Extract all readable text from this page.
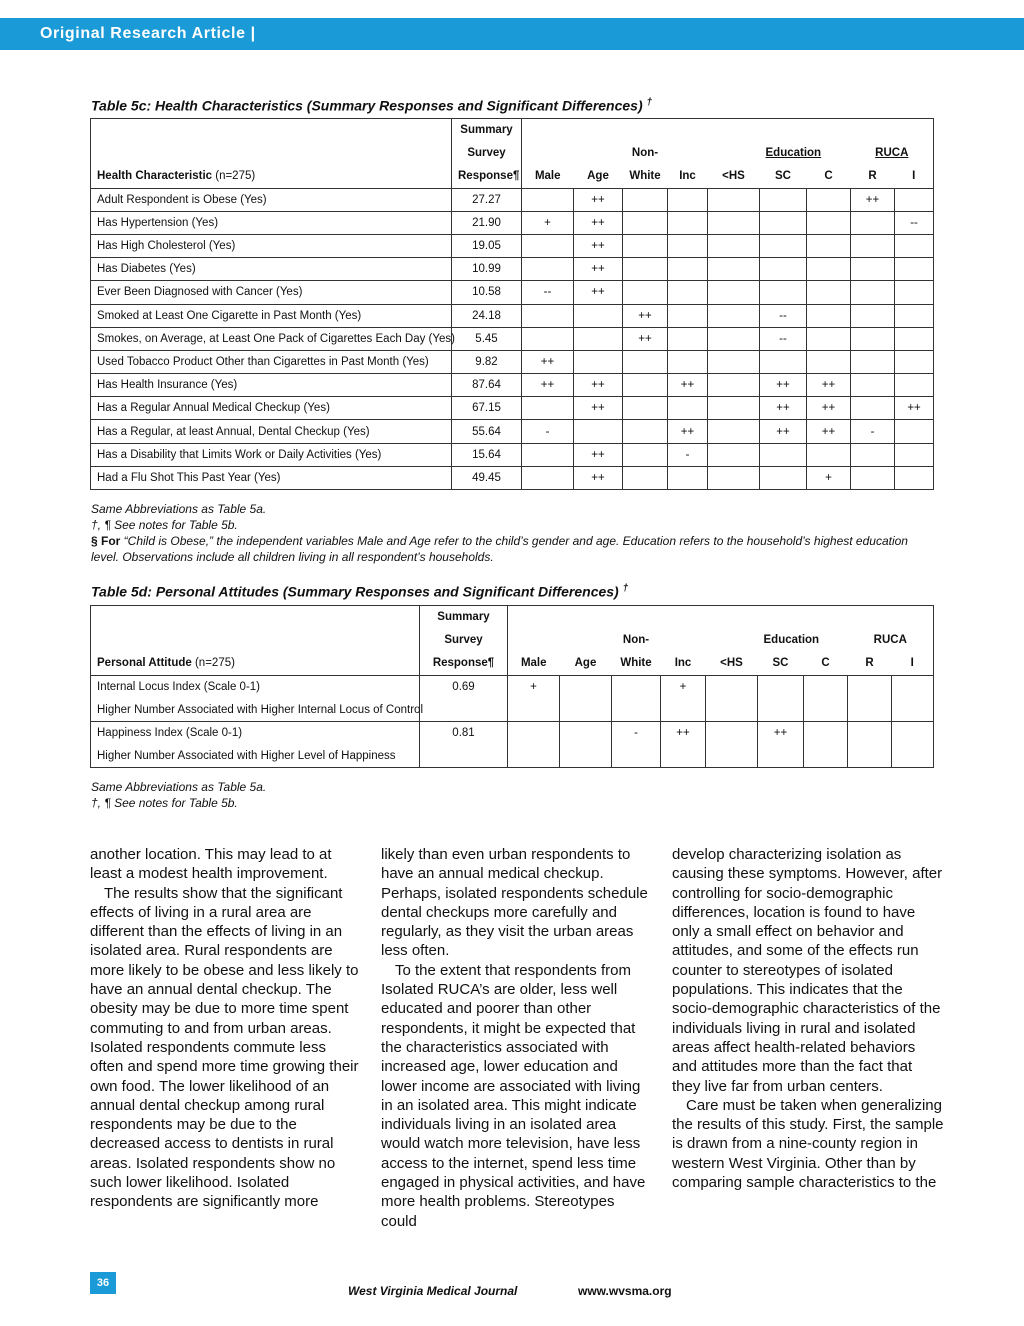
Original Research Article |
Table 5c: Health Characteristics (Summary Responses and Significant Differences) †
	Summary									
	Survey			Non-			Education		RUCA	
Health Characteristic (n=275)	Response¶	Male	Age	White	Inc	<HS	SC	C	R	I
Adult Respondent is Obese (Yes)	27.27		++						++	
Has Hypertension (Yes)	21.90	+	++							--
Has High Cholesterol (Yes)	19.05		++							
Has Diabetes (Yes)	10.99		++							
Ever Been Diagnosed with Cancer (Yes)	10.58	--	++							
Smoked at Least One Cigarette in Past Month (Yes)	24.18			++			--			
Smokes, on Average, at Least One Pack of Cigarettes Each Day (Yes)	5.45			++			--			
Used Tobacco Product Other than Cigarettes in Past Month (Yes)	9.82	++								
Has Health Insurance (Yes)	87.64	++	++		++		++	++		
Has a Regular Annual Medical Checkup (Yes)	67.15		++				++	++		++
Has a Regular, at least Annual, Dental Checkup (Yes)	55.64	-			++		++	++	-	
Has a Disability that Limits Work or Daily Activities (Yes)	15.64		++		-					
Had a Flu Shot This Past Year (Yes)	49.45		++					+		
Same Abbreviations as Table 5a.
†, ¶ See notes for Table 5b.
§ For “Child is Obese,” the independent variables Male and Age refer to the child’s gender and age. Education refers to the household’s highest education level. Observations include all children living in all respondent’s households.
Table 5d: Personal Attitudes (Summary Responses and Significant Differences) †
	Summary									
	Survey			Non-			Education		RUCA	
Personal Attitude (n=275)	Response¶	Male	Age	White	Inc	<HS	SC	C	R	I
Internal Locus Index (Scale 0-1)	0.69	+			+					
Higher Number Associated with Higher Internal Locus of Control										
Happiness Index (Scale 0-1)	0.81			-	++		++			
Higher Number Associated with Higher Level of Happiness										
Same Abbreviations as Table 5a.
†, ¶ See notes for Table 5b.

another location. This may lead to at least a modest health improvement.

The results show that the significant effects of living in a rural area are different than the effects of living in an isolated area. Rural respondents are more likely to be obese and less likely to have an annual dental checkup. The obesity may be due to more time spent commuting to and from urban areas. Isolated respondents commute less often and spend more time growing their own food. The lower likelihood of an annual dental checkup among rural respondents may be due to the decreased access to dentists in rural areas. Isolated respondents show no such lower likelihood. Isolated respondents are significantly more

likely than even urban respondents to have an annual medical checkup. Perhaps, isolated respondents schedule dental checkups more carefully and regularly, as they visit the urban areas less often.

To the extent that respondents from Isolated RUCA’s are older, less well educated and poorer than other respondents, it might be expected that the characteristics associated with increased age, lower education and lower income are associated with living in an isolated area. This might indicate individuals living in an isolated area would watch more television, have less access to the internet, spend less time engaged in physical activities, and have more health problems. Stereotypes could

develop characterizing isolation as causing these symptoms. However, after controlling for socio-demographic differences, location is found to have only a small effect on behavior and attitudes, and some of the effects run counter to stereotypes of isolated populations. This indicates that the socio-demographic characteristics of the individuals living in rural and isolated areas affect health-related behaviors and attitudes more than the fact that they live far from urban centers.

Care must be taken when generalizing the results of this study. First, the sample is drawn from a nine-county region in western West Virginia. Other than by comparing sample characteristics to the

36
West Virginia Medical Journal	www.wvsma.org
